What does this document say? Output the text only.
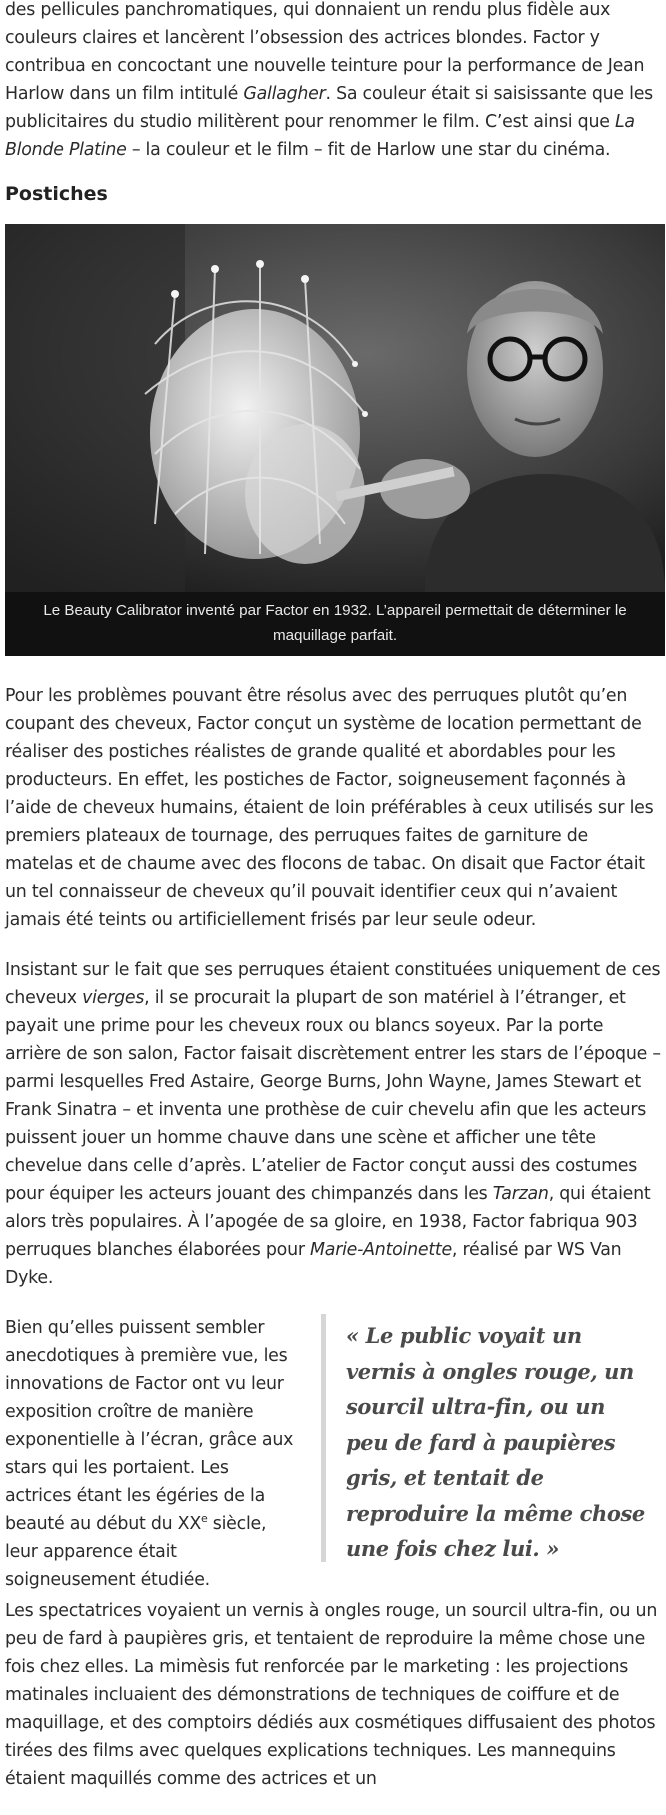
des pellicules panchromatiques, qui donnaient un rendu plus fidèle aux couleurs claires et lancèrent l’obsession des actrices blondes. Factor y contribua en concoctant une nouvelle teinture pour la performance de Jean Harlow dans un film intitulé Gallagher. Sa couleur était si saisissante que les publicitaires du studio militèrent pour renommer le film. C’est ainsi que La Blonde Platine – la couleur et le film – fit de Harlow une star du cinéma.

Postiches
Le Beauty Calibrator inventé par Factor en 1932. L’appareil permettait de déterminer le maquillage parfait.

Pour les problèmes pouvant être résolus avec des perruques plutôt qu’en coupant des cheveux, Factor conçut un système de location permettant de réaliser des postiches réalistes de grande qualité et abordables pour les producteurs. En effet, les postiches de Factor, soigneusement façonnés à l’aide de cheveux humains, étaient de loin préférables à ceux utilisés sur les premiers plateaux de tournage, des perruques faites de garniture de matelas et de chaume avec des flocons de tabac. On disait que Factor était un tel connaisseur de cheveux qu’il pouvait identifier ceux qui n’avaient jamais été teints ou artificiellement frisés par leur seule odeur.

Insistant sur le fait que ses perruques étaient constituées uniquement de ces cheveux vierges, il se procurait la plupart de son matériel à l’étranger, et payait une prime pour les cheveux roux ou blancs soyeux. Par la porte arrière de son salon, Factor faisait discrètement entrer les stars de l’époque – parmi lesquelles Fred Astaire, George Burns, John Wayne, James Stewart et Frank Sinatra – et inventa une prothèse de cuir chevelu afin que les acteurs puissent jouer un homme chauve dans une scène et afficher une tête chevelue dans celle d’après. L’atelier de Factor conçut aussi des costumes pour équiper les acteurs jouant des chimpanzés dans les Tarzan, qui étaient alors très populaires. À l’apogée de sa gloire, en 1938, Factor fabriqua 903 perruques blanches élaborées pour Marie-Antoinette, réalisé par WS Van Dyke.

Bien qu’elles puissent sembler anecdotiques à première vue, les innovations de Factor ont vu leur exposition croître de manière exponentielle à l’écran, grâce aux stars qui les portaient. Les actrices étant les égéries de la beauté au début du XXe siècle, leur apparence était soigneusement étudiée.

« Le public voyait un vernis à ongles rouge, un sourcil ultra-fin, ou un peu de fard à paupières gris, et tentait de reproduire la même chose une fois chez lui. »

Les spectatrices voyaient un vernis à ongles rouge, un sourcil ultra-fin, ou un peu de fard à paupières gris, et tentaient de reproduire la même chose une fois chez elles. La mimèsis fut renforcée par le marketing : les projections matinales incluaient des démonstrations de techniques de coiffure et de maquillage, et des comptoirs dédiés aux cosmétiques diffusaient des photos tirées des films avec quelques explications techniques. Les mannequins étaient maquillés comme des actrices et un
